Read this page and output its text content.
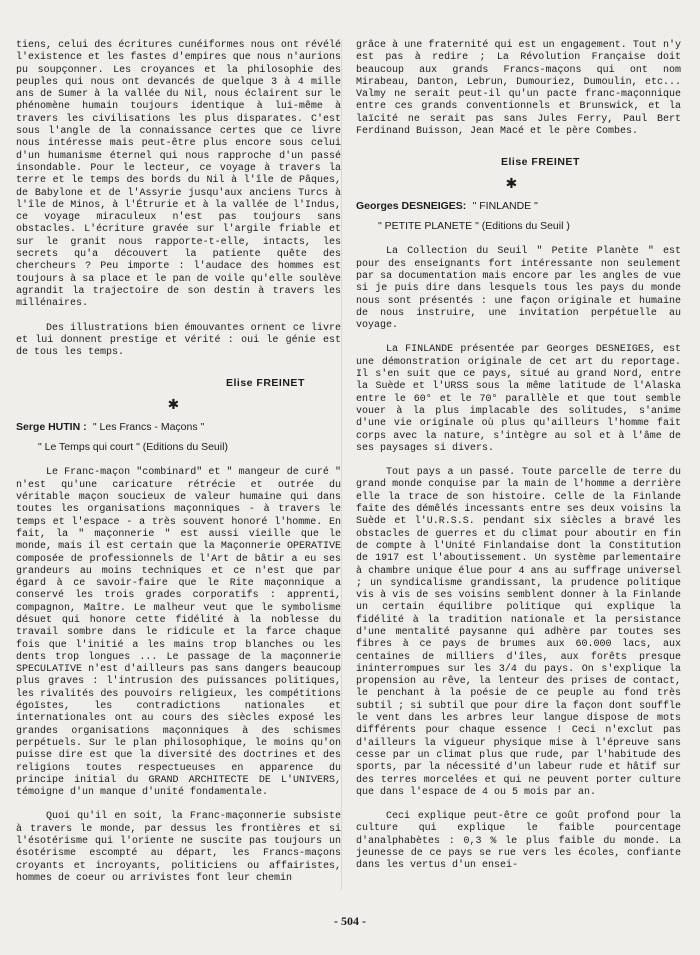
tiens, celui des écritures cunéiformes nous ont révélé l'existence et les fastes d'empires que nous n'aurions pu soupçonner. Les croyances et la philosophie des peuples qui nous ont devancés de quelque 3 à 4 mille ans de Sumer à la vallée du Nil, nous éclairent sur le phénomène humain toujours identique à lui-même à travers les civilisations les plus disparates. C'est sous l'angle de la connaissance certes que ce livre nous intéresse mais peut-être plus encore sous celui d'un humanisme éternel qui nous rapproche d'un passé insondable. Pour le lecteur, ce voyage à travers la terre et le temps des bords du Nil à l'île de Pâques, de Babylone et de l'Assyrie jusqu'aux anciens Turcs à l'île de Minos, à l'Étrurie et à la vallée de l'Indus, ce voyage miraculeux n'est pas toujours sans obstacles. L'écriture gravée sur l'argile friable et sur le granit nous rapporte-t-elle, intacts, les secrets qu'a découvert la patiente quête des chercheurs ? Peu importe : l'audace des hommes est toujours à sa place et le pan de voile qu'elle soulève agrandit la trajectoire de son destin à travers les millénaires.

Des illustrations bien émouvantes ornent ce livre et lui donnent prestige et vérité : oui le génie est de tous les temps.

Elise FREINET

✱

Serge HUTIN : " Les Francs - Maçons "

" Le Temps qui court " (Editions du Seuil)

Le Franc-maçon "combinard" et " mangeur de curé " n'est qu'une caricature rétrécie et outrée du véritable maçon soucieux de valeur humaine qui dans toutes les organisations maçonniques - à travers le temps et l'espace - a très souvent honoré l'homme. En fait, la " maçonnerie " est aussi vieille que le monde, mais il est certain que la Maçonnerie OPERATIVE composée de professionnels de l'Art de bâtir a eu ses grandeurs au moins techniques et ce n'est que par égard à ce savoir-faire que le Rite maçonnique a conservé les trois grades corporatifs : apprenti, compagnon, Maître. Le malheur veut que le symbolisme désuet qui honore cette fidélité à la noblesse du travail sombre dans le ridicule et la farce chaque fois que l'initié a les mains trop blanches ou les dents trop longues ... Le passage de la maçonnerie SPECULATIVE n'est d'ailleurs pas sans dangers beaucoup plus graves : l'intrusion des puissances politiques, les rivalités des pouvoirs religieux, les compétitions égoïstes, les contradictions nationales et internationales ont au cours des siècles exposé les grandes organisations maçonniques à des schismes perpétuels. Sur le plan philosophique, le moins qu'on puisse dire est que la diversité des doctrines et des religions toutes respectueuses en apparence du principe initial du GRAND ARCHITECTE DE L'UNIVERS, témoigne d'un manque d'unité fondamentale.

Quoi qu'il en soit, la Franc-maçonnerie subsiste à travers le monde, par dessus les frontières et si l'ésotérisme qui l'oriente ne suscite pas toujours un ésotérisme escompté au départ, les Francs-maçons croyants et incroyants, politiciens ou affairistes, hommes de coeur ou arrivistes font leur chemin

grâce à une fraternité qui est un engagement. Tout n'y est pas à redire ; La Révolution Française doit beaucoup aux grands Francs-maçons qui ont nom Mirabeau, Danton, Lebrun, Dumouriez, Dumoulin, etc... Valmy ne serait peut-il qu'un pacte franc-maçonnique entre ces grands conventionnels et Brunswick, et la laïcité ne serait pas sans Jules Ferry, Paul Bert Ferdinand Buisson, Jean Macé et le père Combes.

Elise FREINET

✱

Georges DESNEIGES: " FINLANDE "

" PETITE PLANETE " (Editions du Seuil )

La Collection du Seuil " Petite Planète " est pour des enseignants fort intéressante non seulement par sa documentation mais encore par les angles de vue si je puis dire dans lesquels tous les pays du monde nous sont présentés : une façon originale et humaine de nous instruire, une invitation perpétuelle au voyage.

La FINLANDE présentée par Georges DESNEIGES, est une démonstration originale de cet art du reportage. Il s'en suit que ce pays, situé au grand Nord, entre la Suède et l'URSS sous la même latitude de l'Alaska entre le 60° et le 70° parallèle et que tout semble vouer à la plus implacable des solitudes, s'anime d'une vie originale où plus qu'ailleurs l'homme fait corps avec la nature, s'intègre au sol et à l'âme de ses paysages si divers.

Tout pays a un passé. Toute parcelle de terre du grand monde conquise par la main de l'homme a derrière elle la trace de son histoire. Celle de la Finlande faite des démêlés incessants entre ses deux voisins la Suède et l'U.R.S.S. pendant six siècles a bravé les obstacles de guerres et du climat pour aboutir en fin de compte à l'Unité Finlandaise dont la Constitution de 1917 est l'aboutissement. Un système parlementaire à chambre unique élue pour 4 ans au suffrage universel ; un syndicalisme grandissant, la prudence politique vis à vis de ses voisins semblent donner à la Finlande un certain équilibre politique qui explique la fidélité à la tradition nationale et la persistance d'une mentalité paysanne qui adhère par toutes ses fibres à ce pays de brumes aux 60.000 lacs, aux centaines de milliers d'îles, aux forêts presque ininterrompues sur les 3/4 du pays. On s'explique la propension au rêve, la lenteur des prises de contact, le penchant à la poésie de ce peuple au fond très subtil ; si subtil que pour dire la façon dont souffle le vent dans les arbres leur langue dispose de mots différents pour chaque essence ! Ceci n'exclut pas d'ailleurs la vigueur physique mise à l'épreuve sans cesse par un climat plus que rude, par l'habitude des sports, par la nécessité d'un labeur rude et hâtif sur des terres morcelées et qui ne peuvent porter culture que dans l'espace de 4 ou 5 mois par an.

Ceci explique peut-être ce goût profond pour la culture qui explique le faible pourcentage d'analphabètes : 0,3 % le plus faible du monde. La jeunesse de ce pays se rue vers les écoles, confiante dans les vertus d'un ensei-

- 504 -
